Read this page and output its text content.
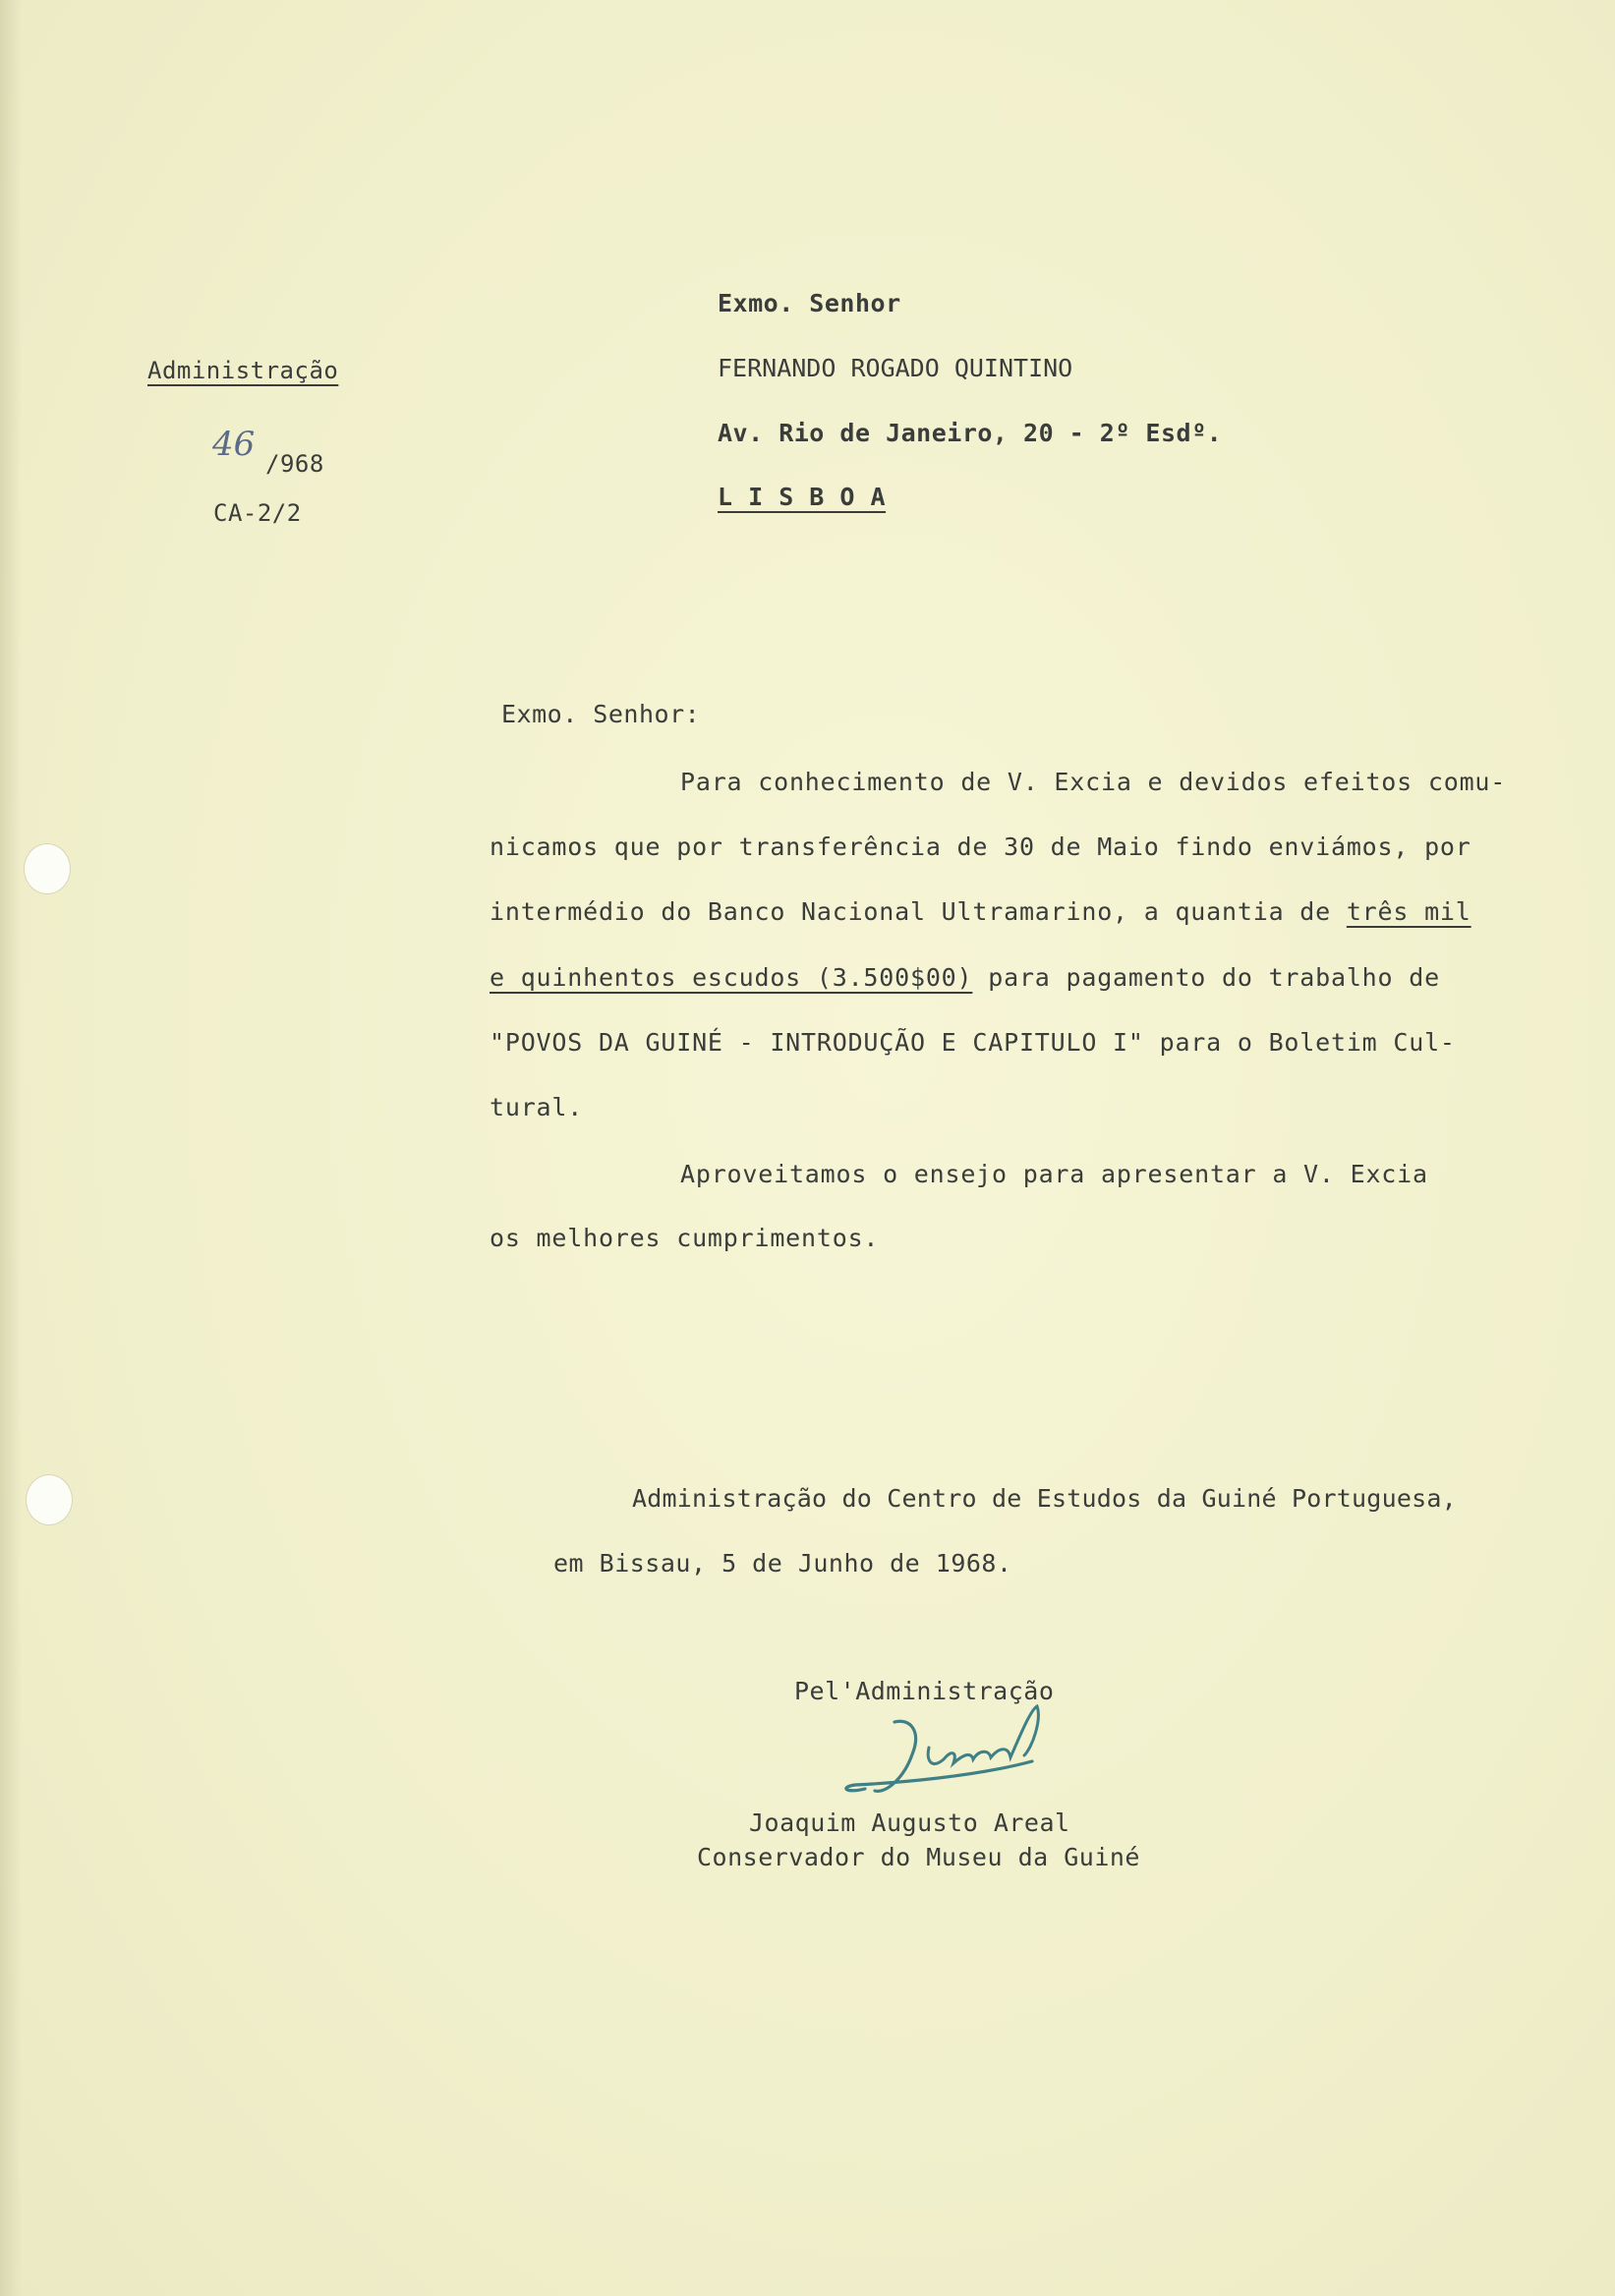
Administração
46 /968
CA-2/2
Exmo. Senhor
FERNANDO ROGADO QUINTINO
Av. Rio de Janeiro, 20 - 2º Esdº.
L I S B O A
Exmo. Senhor:
Para conhecimento de V. Excia e devidos efeitos comu-
nicamos que por transferência de 30 de Maio findo enviámos, por
intermédio do Banco Nacional Ultramarino, a quantia de três mil
e quinhentos escudos (3.500$00) para pagamento do trabalho de
"POVOS DA GUINÉ - INTRODUÇÃO E CAPITULO I" para o Boletim Cul-
tural.
Aproveitamos o ensejo para apresentar a V. Excia
os melhores cumprimentos.
Administração do Centro de Estudos da Guiné Portuguesa,
em Bissau, 5 de Junho de 1968.
Pel'Administração
Joaquim Augusto Areal
Conservador do Museu da Guiné
